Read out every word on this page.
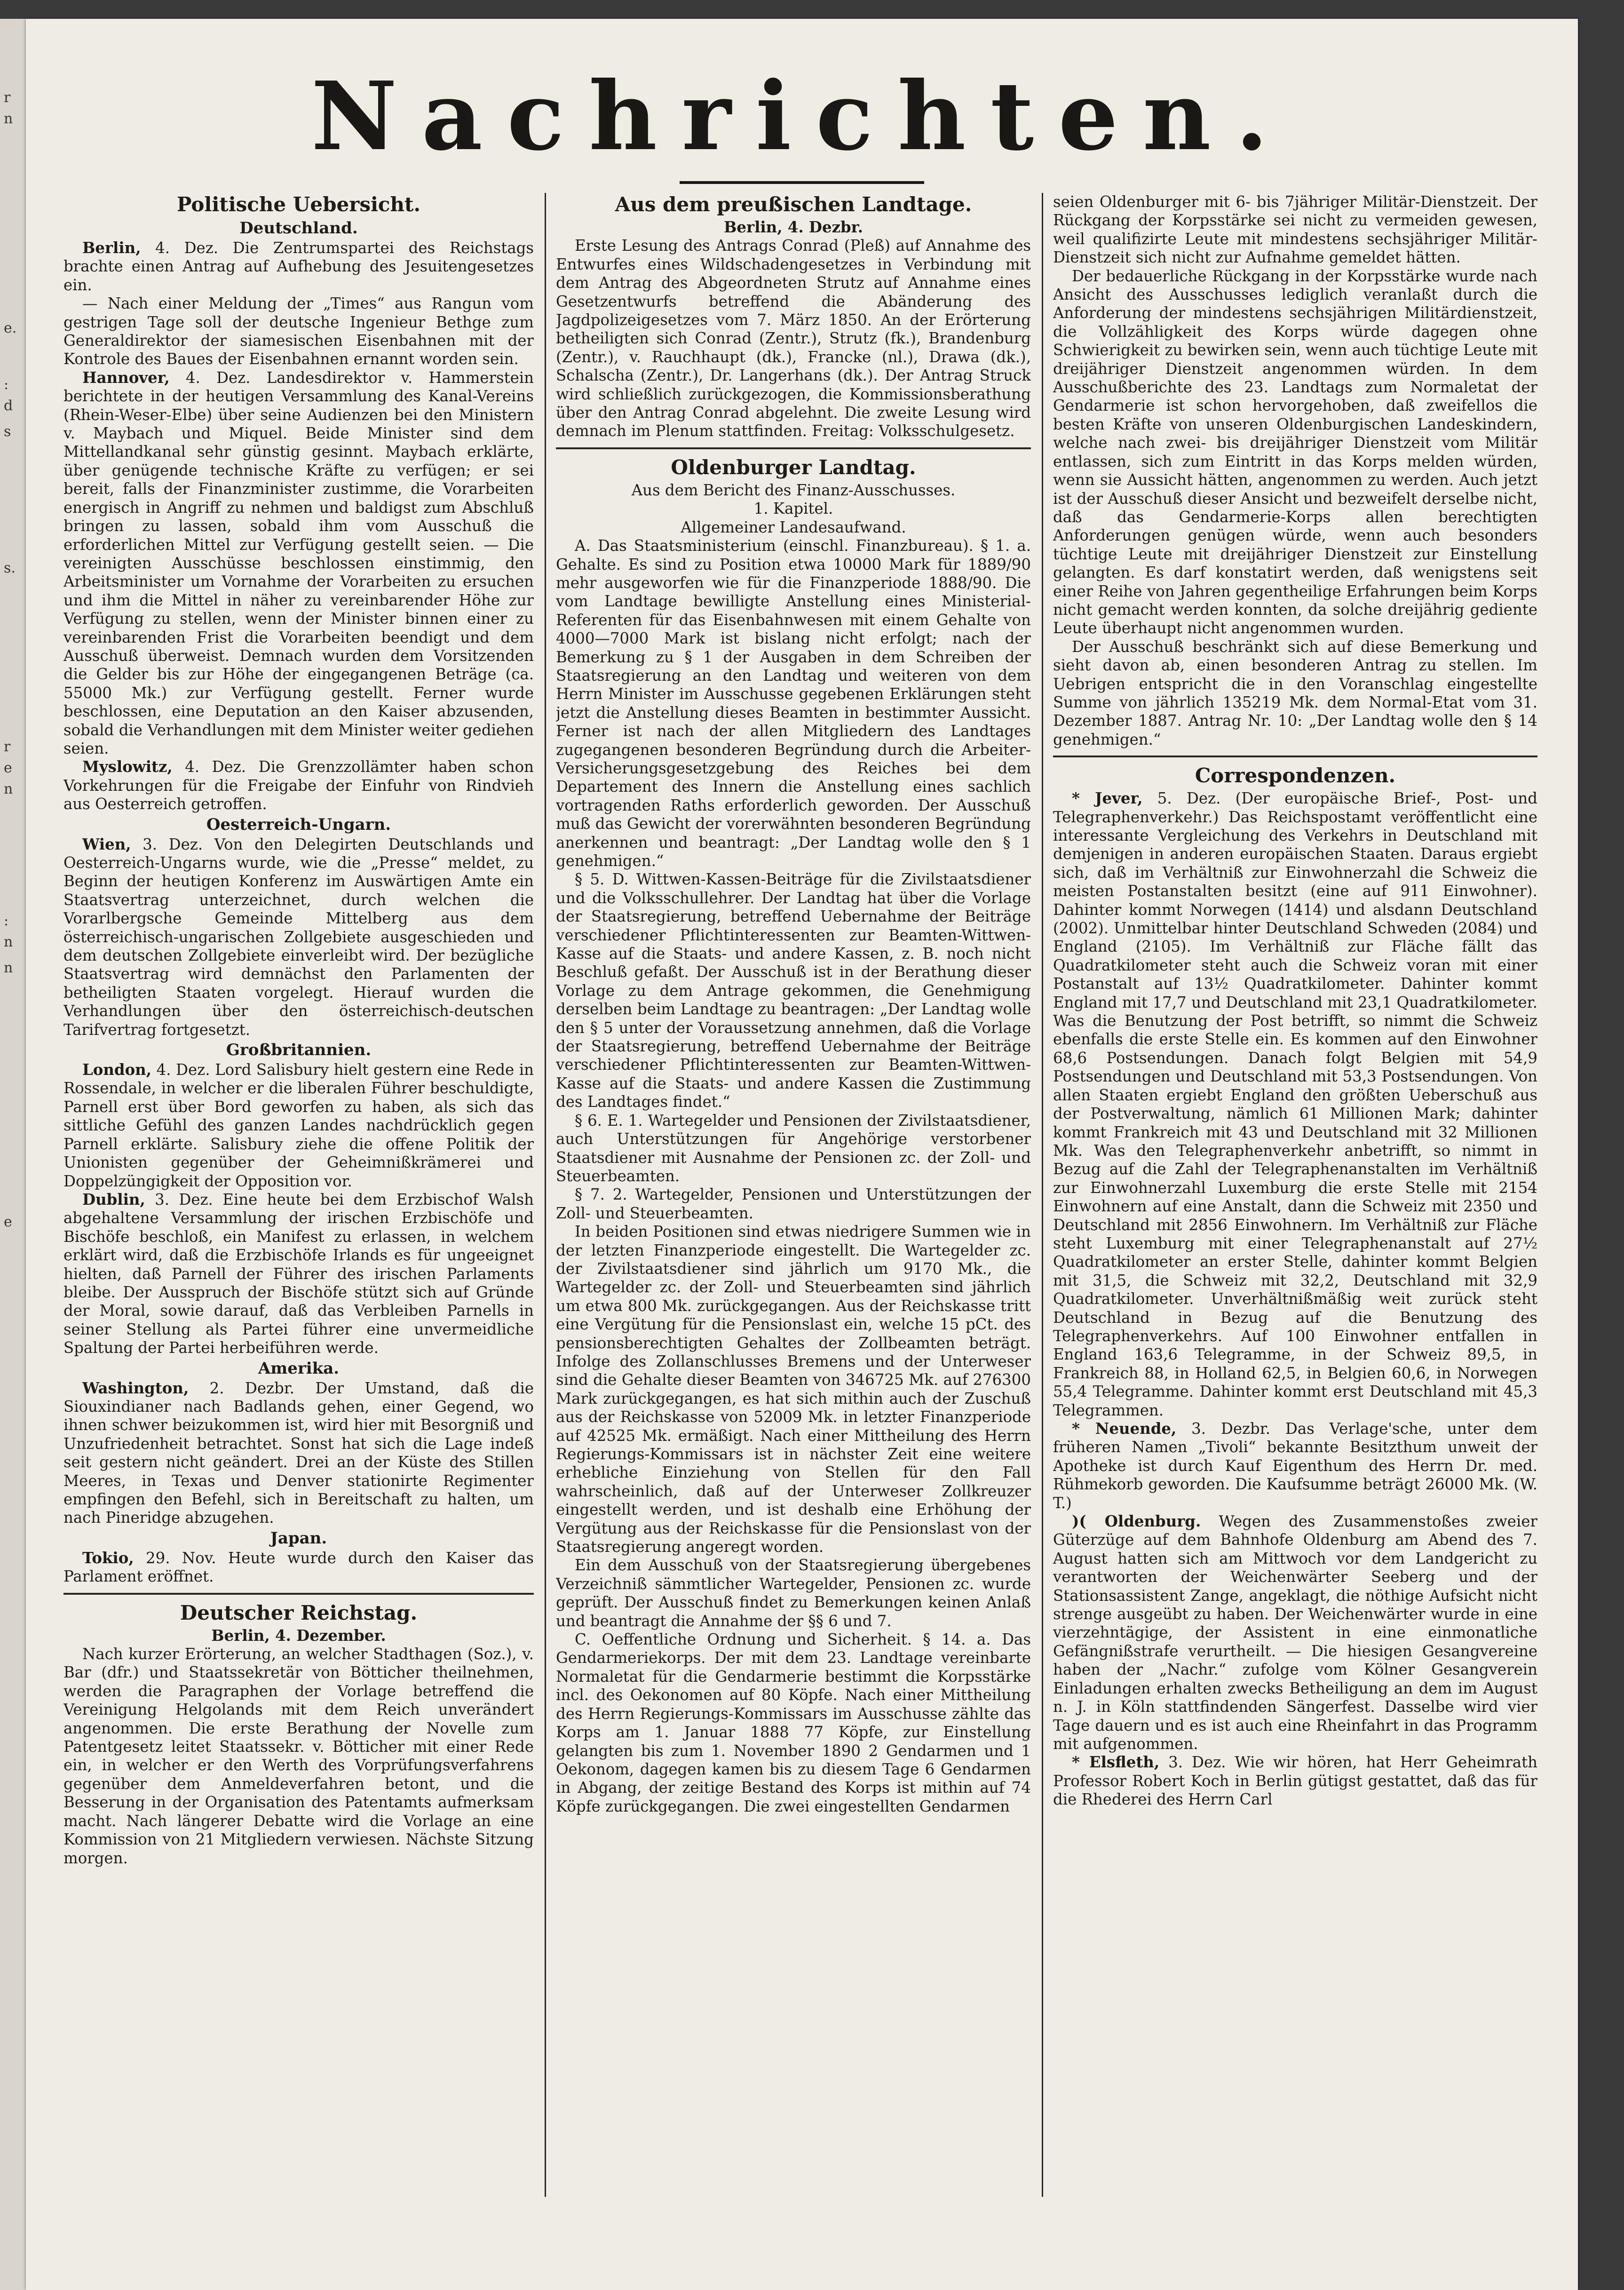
r
n
e.
:
d
s
s.
r
e
n
:
n
n
e
Nachrichten.
Politische Uebersicht.
Deutschland.

Berlin, 4. Dez. Die Zentrumspartei des Reichstags brachte einen Antrag auf Aufhebung des Jesuitengesetzes ein.

— Nach einer Meldung der „Times“ aus Rangun vom gestrigen Tage soll der deutsche Ingenieur Bethge zum Generaldirektor der siamesischen Eisenbahnen mit der Kontrole des Baues der Eisenbahnen ernannt worden sein.

Hannover, 4. Dez. Landesdirektor v. Hammerstein berichtete in der heutigen Versammlung des Kanal-Vereins (Rhein-Weser-Elbe) über seine Audienzen bei den Ministern v. Maybach und Miquel. Beide Minister sind dem Mittellandkanal sehr günstig gesinnt. Maybach erklärte, über genügende technische Kräfte zu verfügen; er sei bereit, falls der Finanzminister zustimme, die Vorarbeiten energisch in Angriff zu nehmen und baldigst zum Abschluß bringen zu lassen, sobald ihm vom Ausschuß die erforderlichen Mittel zur Verfügung gestellt seien. — Die vereinigten Ausschüsse beschlossen einstimmig, den Arbeitsminister um Vornahme der Vorarbeiten zu ersuchen und ihm die Mittel in näher zu vereinbarender Höhe zur Verfügung zu stellen, wenn der Minister binnen einer zu vereinbarenden Frist die Vorarbeiten beendigt und dem Ausschuß überweist. Demnach wurden dem Vorsitzenden die Gelder bis zur Höhe der eingegangenen Beträge (ca. 55000 Mk.) zur Verfügung gestellt. Ferner wurde beschlossen, eine Deputation an den Kaiser abzusenden, sobald die Verhandlungen mit dem Minister weiter gediehen seien.

Myslowitz, 4. Dez. Die Grenzzollämter haben schon Vorkehrungen für die Freigabe der Einfuhr von Rindvieh aus Oesterreich getroffen.

Oesterreich-Ungarn.

Wien, 3. Dez. Von den Delegirten Deutschlands und Oesterreich-Ungarns wurde, wie die „Presse“ meldet, zu Beginn der heutigen Konferenz im Auswärtigen Amte ein Staatsvertrag unterzeichnet, durch welchen die Vorarlbergsche Gemeinde Mittelberg aus dem österreichisch-ungarischen Zollgebiete ausgeschieden und dem deutschen Zollgebiete einverleibt wird. Der bezügliche Staatsvertrag wird demnächst den Parlamenten der betheiligten Staaten vorgelegt. Hierauf wurden die Verhandlungen über den österreichisch-deutschen Tarifvertrag fortgesetzt.

Großbritannien.

London, 4. Dez. Lord Salisbury hielt gestern eine Rede in Rossendale, in welcher er die liberalen Führer beschuldigte, Parnell erst über Bord geworfen zu haben, als sich das sittliche Gefühl des ganzen Landes nachdrücklich gegen Parnell erklärte. Salisbury ziehe die offene Politik der Unionisten gegenüber der Geheimnißkrämerei und Doppelzüngigkeit der Opposition vor.

Dublin, 3. Dez. Eine heute bei dem Erzbischof Walsh abgehaltene Versammlung der irischen Erzbischöfe und Bischöfe beschloß, ein Manifest zu erlassen, in welchem erklärt wird, daß die Erzbischöfe Irlands es für ungeeignet hielten, daß Parnell der Führer des irischen Parlaments bleibe. Der Ausspruch der Bischöfe stützt sich auf Gründe der Moral, sowie darauf, daß das Verbleiben Parnells in seiner Stellung als Partei führer eine unvermeidliche Spaltung der Partei herbeiführen werde.

Amerika.

Washington, 2. Dezbr. Der Umstand, daß die Siouxindianer nach Badlands gehen, einer Gegend, wo ihnen schwer beizukommen ist, wird hier mit Besorgniß und Unzufriedenheit betrachtet. Sonst hat sich die Lage indeß seit gestern nicht geändert. Drei an der Küste des Stillen Meeres, in Texas und Denver stationirte Regimenter empfingen den Befehl, sich in Bereitschaft zu halten, um nach Pineridge abzugehen.

Japan.

Tokio, 29. Nov. Heute wurde durch den Kaiser das Parlament eröffnet.

Deutscher Reichstag.

Berlin, 4. Dezember.

Nach kurzer Erörterung, an welcher Stadthagen (Soz.), v. Bar (dfr.) und Staatssekretär von Bötticher theilnehmen, werden die Paragraphen der Vorlage betreffend die Vereinigung Helgolands mit dem Reich unverändert angenommen. Die erste Berathung der Novelle zum Patentgesetz leitet Staatssekr. v. Bötticher mit einer Rede ein, in welcher er den Werth des Vorprüfungsverfahrens gegenüber dem Anmeldeverfahren betont, und die Besserung in der Organisation des Patentamts aufmerksam macht. Nach längerer Debatte wird die Vorlage an eine Kommission von 21 Mitgliedern verwiesen. Nächste Sitzung morgen.

Aus dem preußischen Landtage.

Berlin, 4. Dezbr.

Erste Lesung des Antrags Conrad (Pleß) auf Annahme des Entwurfes eines Wildschadengesetzes in Verbindung mit dem Antrag des Abgeordneten Strutz auf Annahme eines Gesetzentwurfs betreffend die Abänderung des Jagdpolizeigesetzes vom 7. März 1850. An der Erörterung betheiligten sich Conrad (Zentr.), Strutz (fk.), Brandenburg (Zentr.), v. Rauchhaupt (dk.), Francke (nl.), Drawa (dk.), Schalscha (Zentr.), Dr. Langerhans (dk.). Der Antrag Struck wird schließlich zurückgezogen, die Kommissionsberathung über den Antrag Conrad abgelehnt. Die zweite Lesung wird demnach im Plenum stattfinden. Freitag: Volksschulgesetz.

Oldenburger Landtag.

Aus dem Bericht des Finanz-Ausschusses.

1. Kapitel.

Allgemeiner Landesaufwand.

A. Das Staatsministerium (einschl. Finanzbureau). § 1. a. Gehalte. Es sind zu Position etwa 10000 Mark für 1889/90 mehr ausgeworfen wie für die Finanzperiode 1888/90. Die vom Landtage bewilligte Anstellung eines Ministerial-Referenten für das Eisenbahnwesen mit einem Gehalte von 4000—7000 Mark ist bislang nicht erfolgt; nach der Bemerkung zu § 1 der Ausgaben in dem Schreiben der Staatsregierung an den Landtag und weiteren von dem Herrn Minister im Ausschusse gegebenen Erklärungen steht jetzt die Anstellung dieses Beamten in bestimmter Aussicht. Ferner ist nach der allen Mitgliedern des Landtages zugegangenen besonderen Begründung durch die Arbeiter-Versicherungsgesetzgebung des Reiches bei dem Departement des Innern die Anstellung eines sachlich vortragenden Raths erforderlich geworden. Der Ausschuß muß das Gewicht der vorerwähnten besonderen Begründung anerkennen und beantragt: „Der Landtag wolle den § 1 genehmigen.“

§ 5. D. Wittwen-Kassen-Beiträge für die Zivilstaatsdiener und die Volksschullehrer. Der Landtag hat über die Vorlage der Staatsregierung, betreffend Uebernahme der Beiträge verschiedener Pflichtinteressenten zur Beamten-Wittwen-Kasse auf die Staats- und andere Kassen, z. B. noch nicht Beschluß gefaßt. Der Ausschuß ist in der Berathung dieser Vorlage zu dem Antrage gekommen, die Genehmigung derselben beim Landtage zu beantragen: „Der Landtag wolle den § 5 unter der Voraussetzung annehmen, daß die Vorlage der Staatsregierung, betreffend Uebernahme der Beiträge verschiedener Pflichtinteressenten zur Beamten-Wittwen-Kasse auf die Staats- und andere Kassen die Zustimmung des Landtages findet.“

§ 6. E. 1. Wartegelder und Pensionen der Zivilstaatsdiener, auch Unterstützungen für Angehörige verstorbener Staatsdiener mit Ausnahme der Pensionen zc. der Zoll- und Steuerbeamten.

§ 7. 2. Wartegelder, Pensionen und Unterstützungen der Zoll- und Steuerbeamten.

In beiden Positionen sind etwas niedrigere Summen wie in der letzten Finanzperiode eingestellt. Die Wartegelder zc. der Zivilstaatsdiener sind jährlich um 9170 Mk., die Wartegelder zc. der Zoll- und Steuerbeamten sind jährlich um etwa 800 Mk. zurückgegangen. Aus der Reichskasse tritt eine Vergütung für die Pensionslast ein, welche 15 pCt. des pensionsberechtigten Gehaltes der Zollbeamten beträgt. Infolge des Zollanschlusses Bremens und der Unterweser sind die Gehalte dieser Beamten von 346725 Mk. auf 276300 Mark zurückgegangen, es hat sich mithin auch der Zuschuß aus der Reichskasse von 52009 Mk. in letzter Finanzperiode auf 42525 Mk. ermäßigt. Nach einer Mittheilung des Herrn Regierungs-Kommissars ist in nächster Zeit eine weitere erhebliche Einziehung von Stellen für den Fall wahrscheinlich, daß auf der Unterweser Zollkreuzer eingestellt werden, und ist deshalb eine Erhöhung der Vergütung aus der Reichskasse für die Pensionslast von der Staatsregierung angeregt worden.

Ein dem Ausschuß von der Staatsregierung übergebenes Verzeichniß sämmtlicher Wartegelder, Pensionen zc. wurde geprüft. Der Ausschuß findet zu Bemerkungen keinen Anlaß und beantragt die Annahme der §§ 6 und 7.

C. Oeffentliche Ordnung und Sicherheit. § 14. a. Das Gendarmeriekorps. Der mit dem 23. Landtage vereinbarte Normaletat für die Gendarmerie bestimmt die Korpsstärke incl. des Oekonomen auf 80 Köpfe. Nach einer Mittheilung des Herrn Regierungs-Kommissars im Ausschusse zählte das Korps am 1. Januar 1888 77 Köpfe, zur Einstellung gelangten bis zum 1. November 1890 2 Gendarmen und 1 Oekonom, dagegen kamen bis zu diesem Tage 6 Gendarmen in Abgang, der zeitige Bestand des Korps ist mithin auf 74 Köpfe zurückgegangen. Die zwei eingestellten Gendarmen

seien Oldenburger mit 6- bis 7jähriger Militär-Dienstzeit. Der Rückgang der Korpsstärke sei nicht zu vermeiden gewesen, weil qualifizirte Leute mit mindestens sechsjähriger Militär-Dienstzeit sich nicht zur Aufnahme gemeldet hätten.

Der bedauerliche Rückgang in der Korpsstärke wurde nach Ansicht des Ausschusses lediglich veranlaßt durch die Anforderung der mindestens sechsjährigen Militärdienstzeit, die Vollzähligkeit des Korps würde dagegen ohne Schwierigkeit zu bewirken sein, wenn auch tüchtige Leute mit dreijähriger Dienstzeit angenommen würden. In dem Ausschußberichte des 23. Landtags zum Normaletat der Gendarmerie ist schon hervorgehoben, daß zweifellos die besten Kräfte von unseren Oldenburgischen Landeskindern, welche nach zwei- bis dreijähriger Dienstzeit vom Militär entlassen, sich zum Eintritt in das Korps melden würden, wenn sie Aussicht hätten, angenommen zu werden. Auch jetzt ist der Ausschuß dieser Ansicht und bezweifelt derselbe nicht, daß das Gendarmerie-Korps allen berechtigten Anforderungen genügen würde, wenn auch besonders tüchtige Leute mit dreijähriger Dienstzeit zur Einstellung gelangten. Es darf konstatirt werden, daß wenigstens seit einer Reihe von Jahren gegentheilige Erfahrungen beim Korps nicht gemacht werden konnten, da solche dreijährig gediente Leute überhaupt nicht angenommen wurden.

Der Ausschuß beschränkt sich auf diese Bemerkung und sieht davon ab, einen besonderen Antrag zu stellen. Im Uebrigen entspricht die in den Voranschlag eingestellte Summe von jährlich 135219 Mk. dem Normal-Etat vom 31. Dezember 1887. Antrag Nr. 10: „Der Landtag wolle den § 14 genehmigen.“

Correspondenzen.

* Jever, 5. Dez. (Der europäische Brief-, Post- und Telegraphenverkehr.) Das Reichspostamt veröffentlicht eine interessante Vergleichung des Verkehrs in Deutschland mit demjenigen in anderen europäischen Staaten. Daraus ergiebt sich, daß im Verhältniß zur Einwohnerzahl die Schweiz die meisten Postanstalten besitzt (eine auf 911 Einwohner). Dahinter kommt Norwegen (1414) und alsdann Deutschland (2002). Unmittelbar hinter Deutschland Schweden (2084) und England (2105). Im Verhältniß zur Fläche fällt das Quadratkilometer steht auch die Schweiz voran mit einer Postanstalt auf 13½ Quadratkilometer. Dahinter kommt England mit 17,7 und Deutschland mit 23,1 Quadratkilometer. Was die Benutzung der Post betrifft, so nimmt die Schweiz ebenfalls die erste Stelle ein. Es kommen auf den Einwohner 68,6 Postsendungen. Danach folgt Belgien mit 54,9 Postsendungen und Deutschland mit 53,3 Postsendungen. Von allen Staaten ergiebt England den größten Ueberschuß aus der Postverwaltung, nämlich 61 Millionen Mark; dahinter kommt Frankreich mit 43 und Deutschland mit 32 Millionen Mk. Was den Telegraphenverkehr anbetrifft, so nimmt in Bezug auf die Zahl der Telegraphenanstalten im Verhältniß zur Einwohnerzahl Luxemburg die erste Stelle mit 2154 Einwohnern auf eine Anstalt, dann die Schweiz mit 2350 und Deutschland mit 2856 Einwohnern. Im Verhältniß zur Fläche steht Luxemburg mit einer Telegraphenanstalt auf 27½ Quadratkilometer an erster Stelle, dahinter kommt Belgien mit 31,5, die Schweiz mit 32,2, Deutschland mit 32,9 Quadratkilometer. Unverhältnißmäßig weit zurück steht Deutschland in Bezug auf die Benutzung des Telegraphenverkehrs. Auf 100 Einwohner entfallen in England 163,6 Telegramme, in der Schweiz 89,5, in Frankreich 88, in Holland 62,5, in Belgien 60,6, in Norwegen 55,4 Telegramme. Dahinter kommt erst Deutschland mit 45,3 Telegrammen.

* Neuende, 3. Dezbr. Das Verlage'sche, unter dem früheren Namen „Tivoli“ bekannte Besitzthum unweit der Apotheke ist durch Kauf Eigenthum des Herrn Dr. med. Rühmekorb geworden. Die Kaufsumme beträgt 26000 Mk. (W. T.)

)( Oldenburg. Wegen des Zusammenstoßes zweier Güterzüge auf dem Bahnhofe Oldenburg am Abend des 7. August hatten sich am Mittwoch vor dem Landgericht zu verantworten der Weichenwärter Seeberg und der Stationsassistent Zange, angeklagt, die nöthige Aufsicht nicht strenge ausgeübt zu haben. Der Weichenwärter wurde in eine vierzehntägige, der Assistent in eine einmonatliche Gefängnißstrafe verurtheilt. — Die hiesigen Gesangvereine haben der „Nachr.“ zufolge vom Kölner Gesangverein Einladungen erhalten zwecks Betheiligung an dem im August n. J. in Köln stattfindenden Sängerfest. Dasselbe wird vier Tage dauern und es ist auch eine Rheinfahrt in das Programm mit aufgenommen.

* Elsfleth, 3. Dez. Wie wir hören, hat Herr Geheimrath Professor Robert Koch in Berlin gütigst gestattet, daß das für die Rhederei des Herrn Carl
